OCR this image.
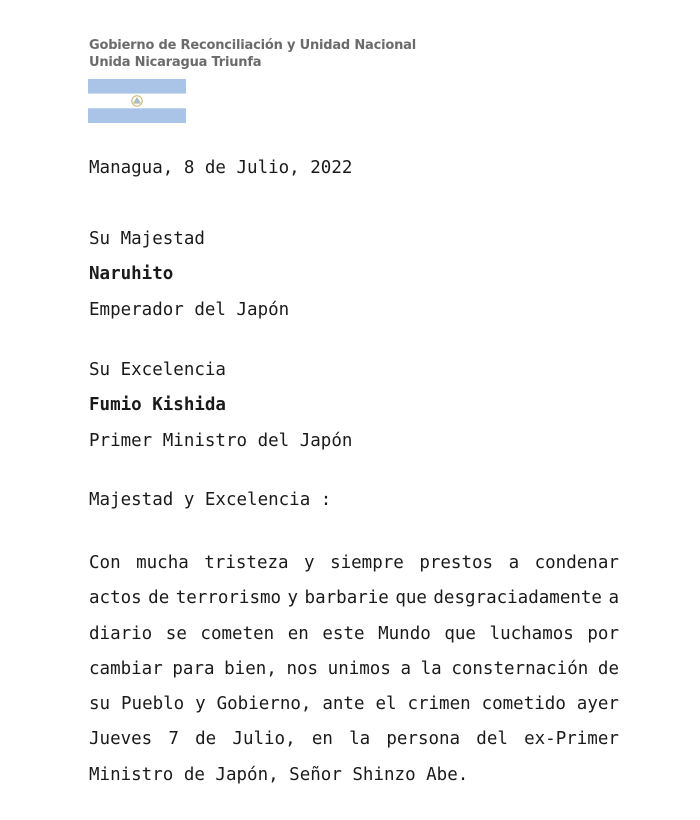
Gobierno de Reconciliación y Unidad Nacional
Unida Nicaragua Triunfa
Managua, 8 de Julio, 2022
Su Majestad
Naruhito
Emperador del Japón
Su Excelencia
Fumio Kishida
Primer Ministro del Japón
Majestad y Excelencia :
Con mucha tristeza y siempre prestos a condenar
actos de terrorismo y barbarie que desgraciadamente a
diario se cometen en este Mundo que luchamos por
cambiar para bien, nos unimos a la consternación de
su Pueblo y Gobierno, ante el crimen cometido ayer
Jueves 7 de Julio, en la persona del ex-Primer
Ministro de Japón, Señor Shinzo Abe.
